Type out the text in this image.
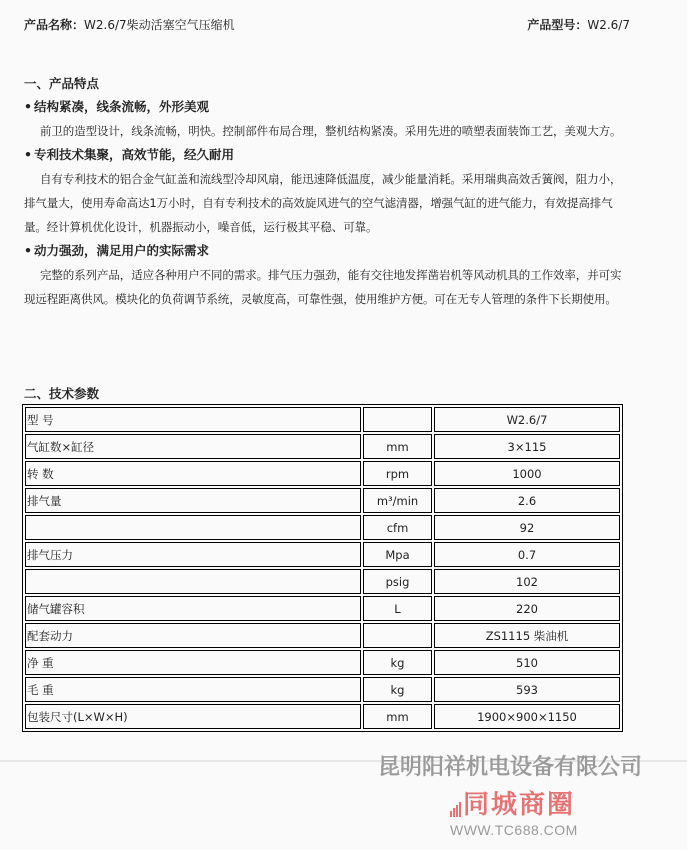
产品名称：W2.6/7柴动活塞空气压缩机	产品型号：W2.6/7
一、产品特点
• 结构紧凑，线条流畅，外形美观

前卫的造型设计，线条流畅，明快。控制部件布局合理，整机结构紧凑。采用先进的喷塑表面装饰工艺，美观大方。

• 专利技术集聚，高效节能，经久耐用

自有专利技术的铝合金气缸盖和流线型冷却风扇，能迅速降低温度，减少能量消耗。采用瑞典高效舌簧阀，阻力小，排气量大，使用寿命高达1万小时，自有专利技术的高效旋风进气的空气滤清器，增强气缸的进气能力，有效提高排气量。经计算机优化设计，机器振动小，噪音低，运行极其平稳、可靠。

• 动力强劲，满足用户的实际需求

完整的系列产品，适应各种用户不同的需求。排气压力强劲，能有交往地发挥凿岩机等风动机具的工作效率，并可实现远程距离供风。模块化的负荷调节系统，灵敏度高，可靠性强，使用维护方便。可在无专人管理的条件下长期使用。

二、技术参数
型 号		W2.6/7
气缸数×缸径	mm	3×115
转 数	rpm	1000
排气量	m³/min	2.6
	cfm	92
排气压力	Mpa	0.7
	psig	102
储气罐容积	L	220
配套动力		ZS1115 柴油机
净 重	kg	510
毛 重	kg	593
包装尺寸(L×W×H)	mm	1900×900×1150
昆明阳祥机电设备有限公司
同城商圈
WWW.TC688.COM
